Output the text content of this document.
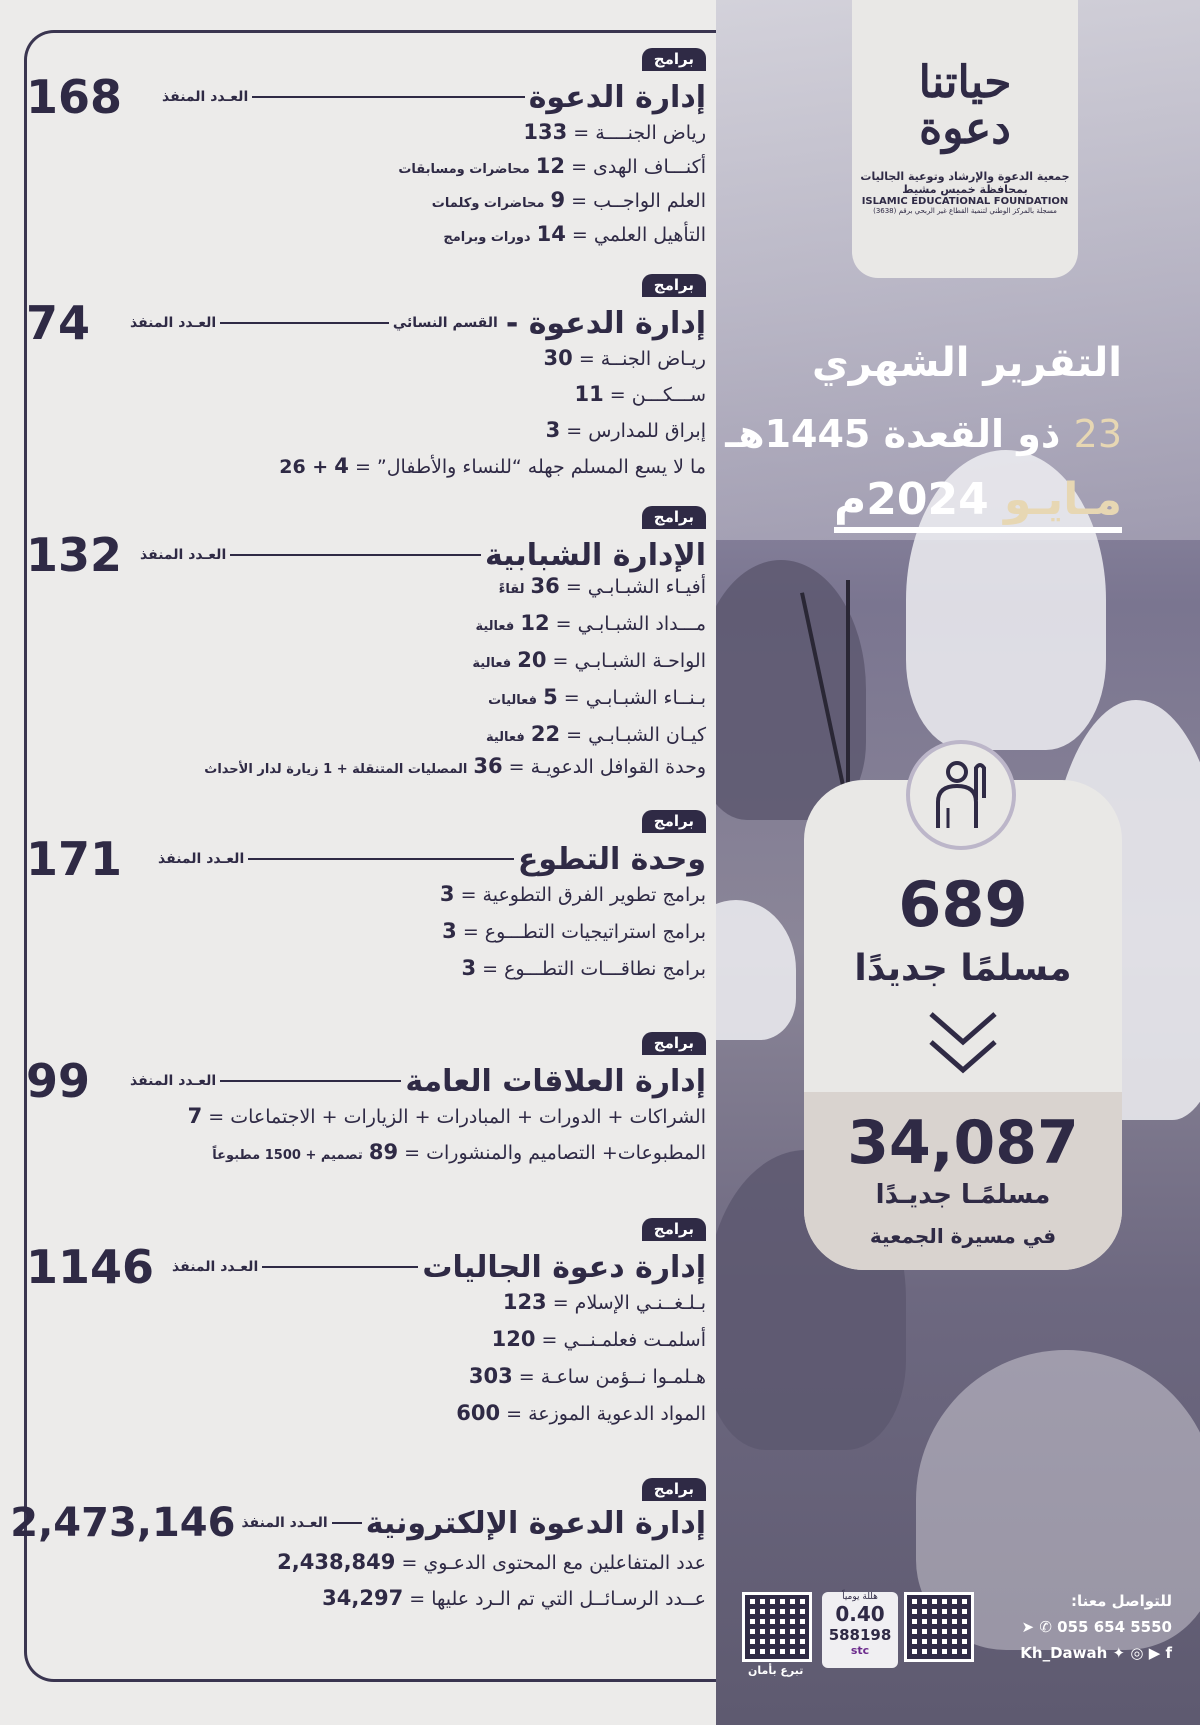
برامج
إدارة الدعوة
العـدد المنفذ
168
رياض الجنــــة = 133
أكنـــاف الهدى = 12 محاضرات ومسابقات
العلم الواجــب = 9 محاضرات وكلمات
التأهيل العلمي = 14 دورات وبرامج
برامج
إدارة الدعوة -
القسم النسائي
العـدد المنفذ
74
ريـاض الجنــة = 30
ســـكـــن = 11
إبراق للمدارس = 3
ما لا يسع المسلم جهله “للنساء والأطفال” = 4 + 26
برامج
الإدارة الشبابية
العـدد المنفذ
132
أفيـاء الشبـابـي = 36 لقاءً
مـــداد الشبـابـي = 12 فعالية
الواحـة الشبـابـي = 20 فعالية
بـنــاء الشبـابـي = 5 فعاليات
كيـان الشبـابـي = 22 فعالية
وحدة القوافل الدعويـة = 36 المصليات المتنقلة + 1 زيارة لدار الأحداث
برامج
وحدة التطوع
العـدد المنفذ
171
برامج تطوير الفرق التطوعية = 3
برامج استراتيجيات التطـــوع = 3
برامج نطاقـــات التطـــوع = 3
برامج
إدارة العلاقات العامة
العـدد المنفذ
99
الشراكات + الدورات + المبادرات + الزيارات + الاجتماعات = 7
المطبوعات+ التصاميم والمنشورات = 89 تصميم + 1500 مطبوعاً
برامج
إدارة دعوة الجاليات
العـدد المنفذ
1146
بـلـغــنـي الإسلام = 123
أسلمـت فعلمـنــي = 120
هـلمـوا نــؤمن ساعـة = 303
المواد الدعوية الموزعة = 600
برامج
إدارة الدعوة الإلكترونية
العـدد المنفذ
2,473,146
عدد المتفاعلين مع المحتوى الدعـوي = 2,438,849
عــدد الرسـائــل التي تم الـرد عليها = 34,297
حياتنا
دعوة
جمعية الدعوة والإرشاد وتوعية الجاليات بمحافظة خميس مشيط
ISLAMIC EDUCATIONAL FOUNDATION
مسجلة بالمركز الوطني لتنمية القطاع غير الربحي برقم (3638)
التقرير الشهري
23 ذو القعدة 1445هـ
مـايـو 2024م
689
مسلمًا جديدًا
34,087
مسلمًـا جديـدًا
في مسيرة الجمعية
تبرع بأمان
هللة يومياً
0.40
588198
stc
للتواصل معنا:
➤ ✆ 055 654 5550
Kh_Dawah ✦ ◎ ▶ f
